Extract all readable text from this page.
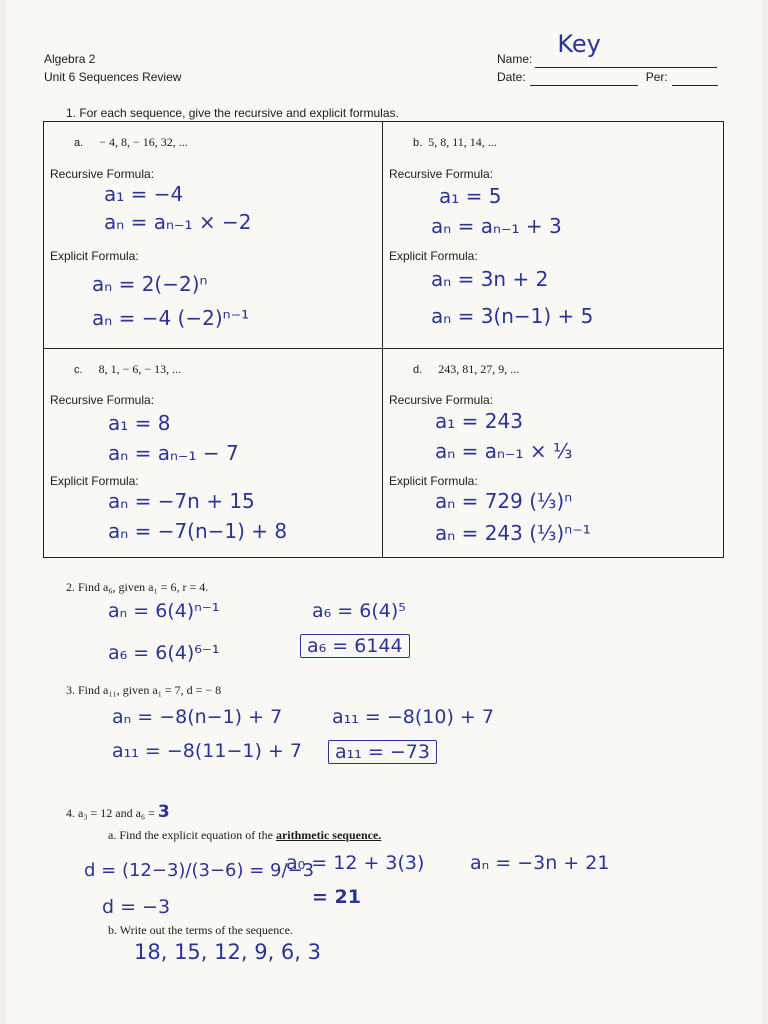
Algebra 2
Unit 6 Sequences Review
Name:
Key
Date:	Per:
1. For each sequence, give the recursive and explicit formulas.
a. − 4, 8, − 16, 32, ...
Recursive Formula:
a₁ = −4
aₙ = aₙ₋₁ × −2
Explicit Formula:
aₙ = 2(−2)ⁿ
aₙ = −4 (−2)ⁿ⁻¹
b. 5, 8, 11, 14, ...
Recursive Formula:
a₁ = 5
aₙ = aₙ₋₁ + 3
Explicit Formula:
aₙ = 3n + 2
aₙ = 3(n−1) + 5
c. 8, 1, − 6, − 13, ...
Recursive Formula:
a₁ = 8
aₙ = aₙ₋₁ − 7
Explicit Formula:
aₙ = −7n + 15
aₙ = −7(n−1) + 8
d. 243, 81, 27, 9, ...
Recursive Formula:
a₁ = 243
aₙ = aₙ₋₁ × ⅓
Explicit Formula:
aₙ = 729 (⅓)ⁿ
aₙ = 243 (⅓)ⁿ⁻¹
2. Find a₆, given a₁ = 6, r = 4.
aₙ = 6(4)ⁿ⁻¹
a₆ = 6(4)⁶⁻¹
a₆ = 6(4)⁵
a₆ = 6144
3. Find a₁₁, given a₁ = 7, d = − 8
aₙ = −8(n−1) + 7
a₁₁ = −8(11−1) + 7
a₁₁ = −8(10) + 7
a₁₁ = −73
4. a₃ = 12 and a₆ = 3
a. Find the explicit equation of the arithmetic sequence.
d = (12−3)/(3−6) = 9/−3
d = −3
a₀ = 12 + 3(3)
= 21
aₙ = −3n + 21
b. Write out the terms of the sequence.
18, 15, 12, 9, 6, 3
